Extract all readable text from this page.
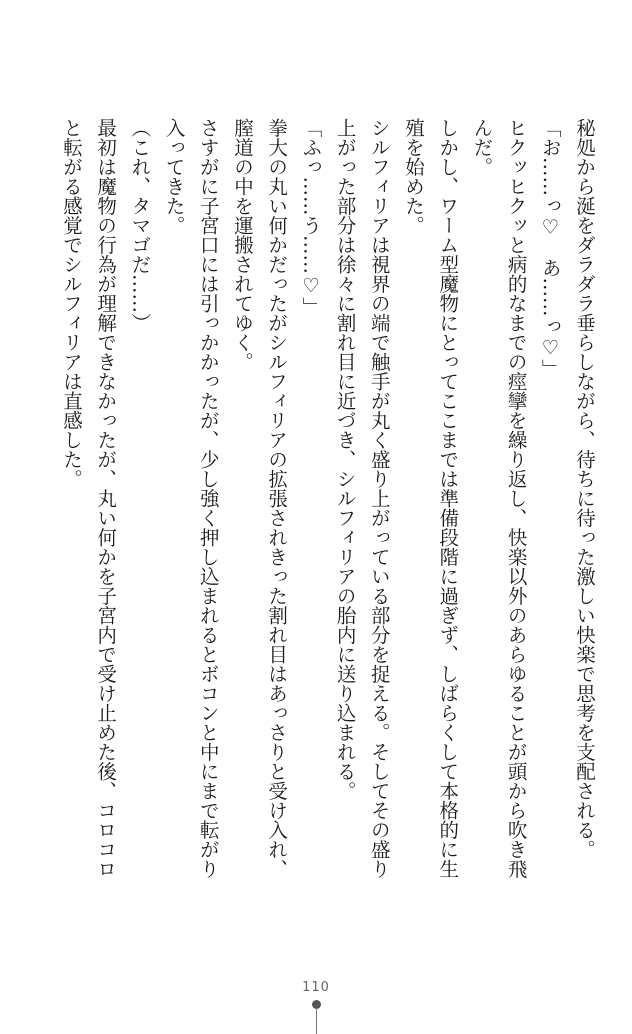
秘処から涎をダラダラ垂らしながら、待ちに待った激しい快楽で思考を支配される。

「お……っ♡　あ……っ♡」

ヒクッヒクッと病的なまでの痙攣を繰り返し、快楽以外のあらゆることが頭から吹き飛

んだ。

しかし、ワーム型魔物にとってここまでは準備段階に過ぎず、しばらくして本格的に生

殖を始めた。

シルフィリアは視界の端で触手が丸く盛り上がっている部分を捉える。そしてその盛り

上がった部分は徐々に割れ目に近づき、シルフィリアの胎内に送り込まれる。

「ふっ……う……♡」

拳大の丸い何かだったがシルフィリアの拡張されきった割れ目はあっさりと受け入れ、

膣道の中を運搬されてゆく。

さすがに子宮口には引っかかったが、少し強く押し込まれるとボコンと中にまで転がり

入ってきた。

（これ、タマゴだ……）

最初は魔物の行為が理解できなかったが、丸い何かを子宮内で受け止めた後、コロコロ

と転がる感覚でシルフィリアは直感した。

110
